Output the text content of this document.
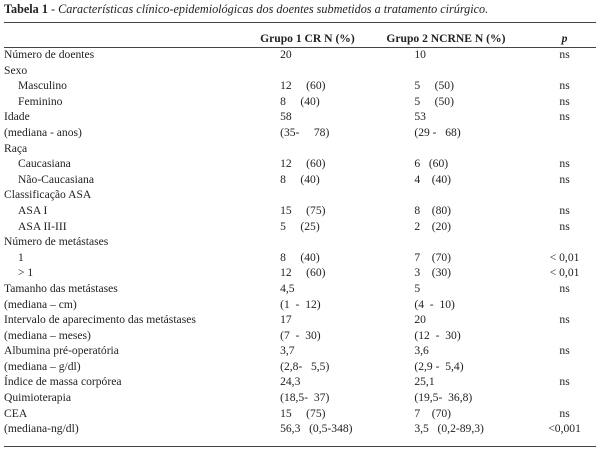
Tabela 1 - Características clínico-epidemiológicas dos doentes submetidos a tratamento cirúrgico.
	Grupo 1 CR N (%)	Grupo 2 NCRNE N (%)	p
Número de doentes	20	10	ns
Sexo			
Masculino	12     (60)	5     (50)	ns
Feminino	8     (40)	5     (50)	ns
Idade	58	53	ns
(mediana - anos)	(35-     78)	(29 -   68)	
Raça			
Caucasiana	12     (60)	6   (60)	ns
Não-Caucasiana	8     (40)	4    (40)	ns
Classificação ASA			
ASA I	15     (75)	8    (80)	ns
ASA II-III	5     (25)	2    (20)	ns
Número de metástases			
1	8     (40)	7    (70)	< 0,01
> 1	12     (60)	3    (30)	< 0,01
Tamanho das metástases	4,5	5	ns
(mediana – cm)	(1  -  12)	(4  -  10)	
Intervalo de aparecimento das metástases	17	20	ns
(mediana – meses)	(7  -  30)	(12  -  30)	
Albumina pré-operatória	3,7	3,6	ns
(mediana – g/dl)	(2,8-   5,5)	(2,9 -  5,4)	
Índice de massa corpórea	24,3	25,1	ns
Quimioterapia	(18,5-  37)	(19,5-  36,8)	
CEA	15     (75)	7    (70)	ns
(mediana-ng/dl)	56,3   (0,5-348)	3,5   (0,2-89,3)	<0,001
